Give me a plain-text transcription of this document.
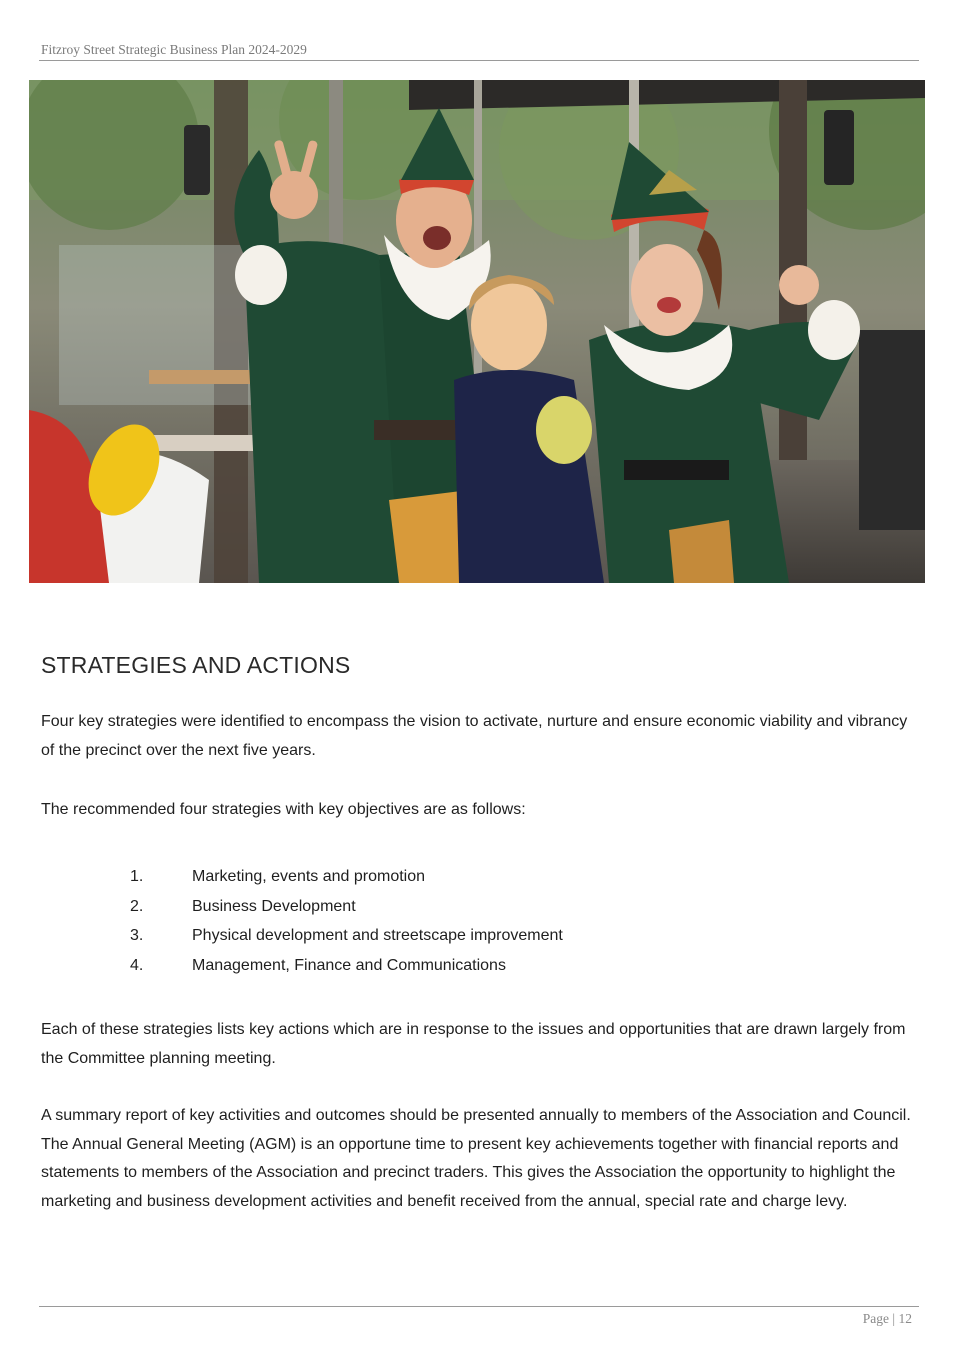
Fitzroy Street Strategic Business Plan 2024-2029
STRATEGIES AND ACTIONS

Four key strategies were identified to encompass the vision to activate, nurture and ensure economic viability and vibrancy of the precinct over the next five years.

The recommended four strategies with key objectives are as follows:

1.	Marketing, events and promotion
2.	Business Development
3.	Physical development and streetscape improvement
4.	Management, Finance and Communications

Each of these strategies lists key actions which are in response to the issues and opportunities that are drawn largely from the Committee planning meeting.

A summary report of key activities and outcomes should be presented annually to members of the Association and Council. The Annual General Meeting (AGM) is an opportune time to present key achievements together with financial reports and statements to members of the Association and precinct traders. This gives the Association the opportunity to highlight the marketing and business development activities and benefit received from the annual, special rate and charge levy.

Page | 12
